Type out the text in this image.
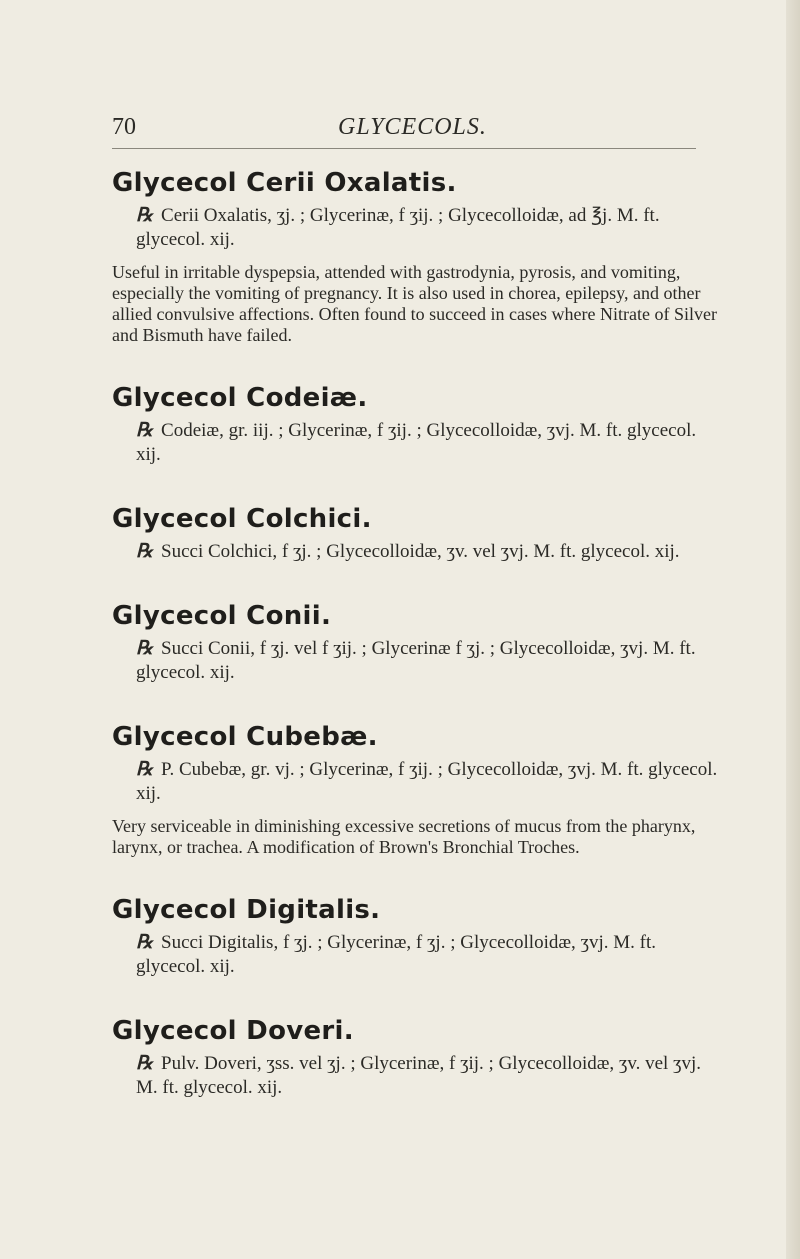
70	GLYCECOLS.
Glycecol Cerii Oxalatis.

℞ Cerii Oxalatis, ʒj. ; Glycerinæ, f ʒij. ; Glycecolloidæ, ad ℥j. M. ft. glycecol. xij.

Useful in irritable dyspepsia, attended with gastrodynia, pyrosis, and vomiting, especially the vomiting of pregnancy. It is also used in chorea, epilepsy, and other allied convulsive affections. Often found to succeed in cases where Nitrate of Silver and Bismuth have failed.

Glycecol Codeiæ.

℞ Codeiæ, gr. iij. ; Glycerinæ, f ʒij. ; Glycecolloidæ, ʒvj. M. ft. glycecol. xij.

Glycecol Colchici.

℞ Succi Colchici, f ʒj. ; Glycecolloidæ, ʒv. vel ʒvj. M. ft. glycecol. xij.

Glycecol Conii.

℞ Succi Conii, f ʒj. vel f ʒij. ; Glycerinæ f ʒj. ; Glycecolloidæ, ʒvj. M. ft. glycecol. xij.

Glycecol Cubebæ.

℞ P. Cubebæ, gr. vj. ; Glycerinæ, f ʒij. ; Glycecolloidæ, ʒvj. M. ft. glycecol. xij.

Very serviceable in diminishing excessive secretions of mucus from the pharynx, larynx, or trachea. A modification of Brown's Bronchial Troches.

Glycecol Digitalis.

℞ Succi Digitalis, f ʒj. ; Glycerinæ, f ʒj. ; Glycecolloidæ, ʒvj. M. ft. glycecol. xij.

Glycecol Doveri.

℞ Pulv. Doveri, ʒss. vel ʒj. ; Glycerinæ, f ʒij. ; Glycecolloidæ, ʒv. vel ʒvj. M. ft. glycecol. xij.
